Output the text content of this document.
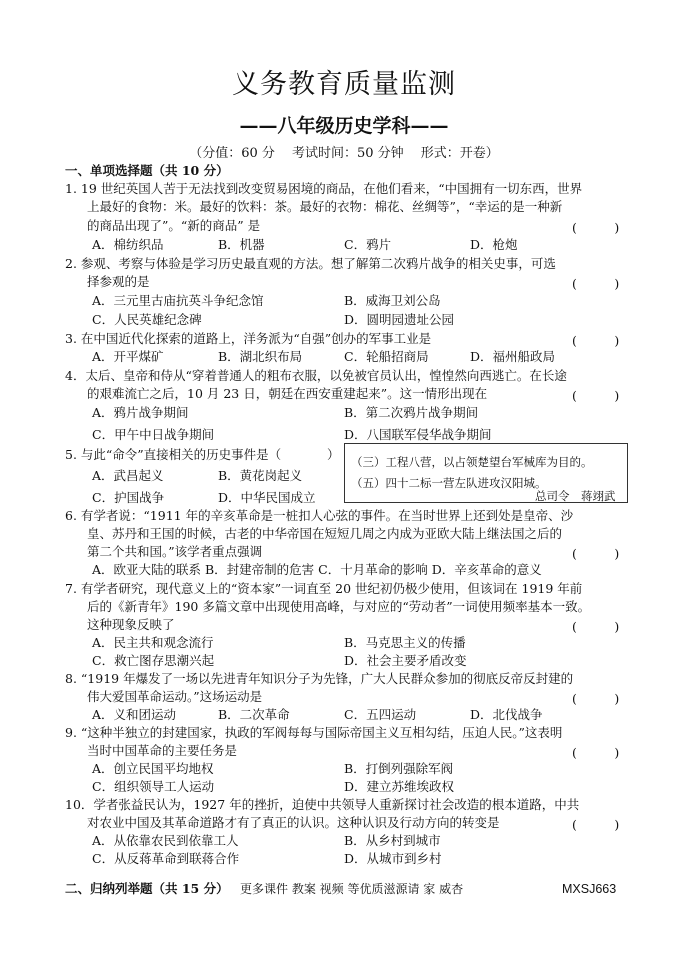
义务教育质量监测
——八年级历史学科——
（分值：60 分　 考试时间：50 分钟　 形式：开卷）
一、单项选择题（共 10 分）
1. 19 世纪英国人苦于无法找到改变贸易困境的商品，在他们看来，“中国拥有一切东西，世界
上最好的食物：米。最好的饮料：茶。最好的衣物：棉花、丝绸等”，“幸运的是一种新
的商品出现了”。“新的商品” 是	(　　　)
A．棉纺织品	B．机器	C．鸦片	D．枪炮
2. 参观、考察与体验是学习历史最直观的方法。想了解第二次鸦片战争的相关史事，可选
择参观的是	(　　　)
A．三元里古庙抗英斗争纪念馆	B．威海卫刘公岛
C．人民英雄纪念碑	D．圆明园遗址公园
3. 在中国近代化探索的道路上，洋务派为“自强”创办的军事工业是	(　　　)
A．开平煤矿	B．湖北织布局	C．轮船招商局	D．福州船政局
4．太后、皇帝和侍从“穿着普通人的粗布衣服，以免被官员认出，惶惶然向西逃亡。在长途
的艰难流亡之后，10 月 23 日，朝廷在西安重建起来”。这一情形出现在	(　　　)
A．鸦片战争期间	B．第二次鸦片战争期间
C．甲午中日战争期间	D．八国联军侵华战争期间
5. 与此“命令”直接相关的历史事件是（	）
A．武昌起义	B．黄花岗起义
C．护国战争	D．中华民国成立
（三）工程八营，以占领楚望台军械库为目的。
（五）四十二标一营左队进攻汉阳城。
总司令　蒋翊武
6. 有学者说：“1911 年的辛亥革命是一桩扣人心弦的事件。在当时世界上还到处是皇帝、沙
皇、苏丹和王国的时候，古老的中华帝国在短短几周之内成为亚欧大陆上继法国之后的
第二个共和国。”该学者重点强调	(　　　)
A．欧亚大陆的联系 B．封建帝制的危害 C．十月革命的影响 D．辛亥革命的意义
7. 有学者研究，现代意义上的“资本家”一词直至 20 世纪初仍极少使用，但该词在 1919 年前
后的《新青年》190 多篇文章中出现使用高峰，与对应的“劳动者”一词使用频率基本一致。
这种现象反映了	(　　　)
A．民主共和观念流行	B．马克思主义的传播
C．救亡图存思潮兴起	D．社会主要矛盾改变
8. “1919 年爆发了一场以先进青年知识分子为先锋，广大人民群众参加的彻底反帝反封建的
伟大爱国革命运动。”这场运动是	(　　　)
A．义和团运动	B．二次革命	C．五四运动	D．北伐战争
9. “这种半独立的封建国家，执政的军阀每每与国际帝国主义互相勾结，压迫人民。”这表明
当时中国革命的主要任务是	(　　　)
A．创立民国平均地权	B．打倒列强除军阀
C．组织领导工人运动	D．建立苏维埃政权
10．学者张益民认为，1927 年的挫折，迫使中共领导人重新探讨社会改造的根本道路，中共
对农业中国及其革命道路才有了真正的认识。这种认识及行动方向的转变是	(　　　)
A．从依靠农民到依靠工人	B．从乡村到城市
C．从反蒋革命到联蒋合作	D．从城市到乡村
二、归纳列举题（共 15 分） 更多课件 教案 视频 等优质滋源请 家 威杏	MXSJ663
